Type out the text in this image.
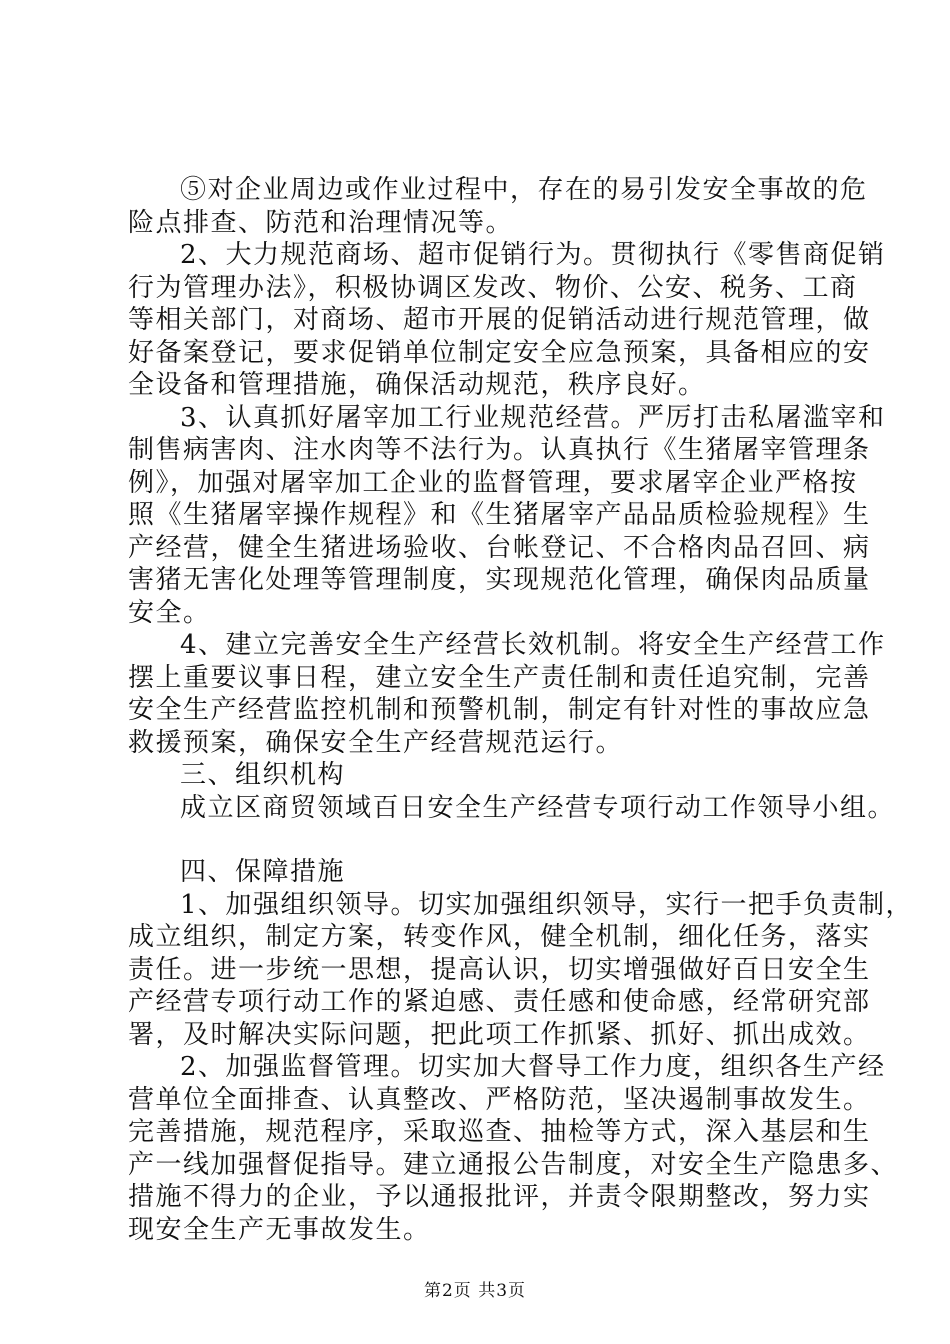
⑤对企业周边或作业过程中，存在的易引发安全事故的危
险点排查、防范和治理情况等。

2、大力规范商场、超市促销行为。贯彻执行《零售商促销
行为管理办法》，积极协调区发改、物价、公安、税务、工商
等相关部门，对商场、超市开展的促销活动进行规范管理，做
好备案登记，要求促销单位制定安全应急预案，具备相应的安
全设备和管理措施，确保活动规范，秩序良好。

3、认真抓好屠宰加工行业规范经营。严厉打击私屠滥宰和
制售病害肉、注水肉等不法行为。认真执行《生猪屠宰管理条
例》，加强对屠宰加工企业的监督管理，要求屠宰企业严格按
照《生猪屠宰操作规程》和《生猪屠宰产品品质检验规程》生
产经营，健全生猪进场验收、台帐登记、不合格肉品召回、病
害猪无害化处理等管理制度，实现规范化管理，确保肉品质量
安全。

4、建立完善安全生产经营长效机制。将安全生产经营工作
摆上重要议事日程，建立安全生产责任制和责任追究制，完善
安全生产经营监控机制和预警机制，制定有针对性的事故应急
救援预案，确保安全生产经营规范运行。

三、组织机构

成立区商贸领域百日安全生产经营专项行动工作领导小组。

四、保障措施

1、加强组织领导。切实加强组织领导，实行一把手负责制，
成立组织，制定方案，转变作风，健全机制，细化任务，落实
责任。进一步统一思想，提高认识，切实增强做好百日安全生
产经营专项行动工作的紧迫感、责任感和使命感，经常研究部
署，及时解决实际问题，把此项工作抓紧、抓好、抓出成效。

2、加强监督管理。切实加大督导工作力度，组织各生产经
营单位全面排查、认真整改、严格防范，坚决遏制事故发生。
完善措施，规范程序，采取巡查、抽检等方式，深入基层和生
产一线加强督促指导。建立通报公告制度，对安全生产隐患多、
措施不得力的企业，予以通报批评，并责令限期整改，努力实
现安全生产无事故发生。

第2页 共3页
